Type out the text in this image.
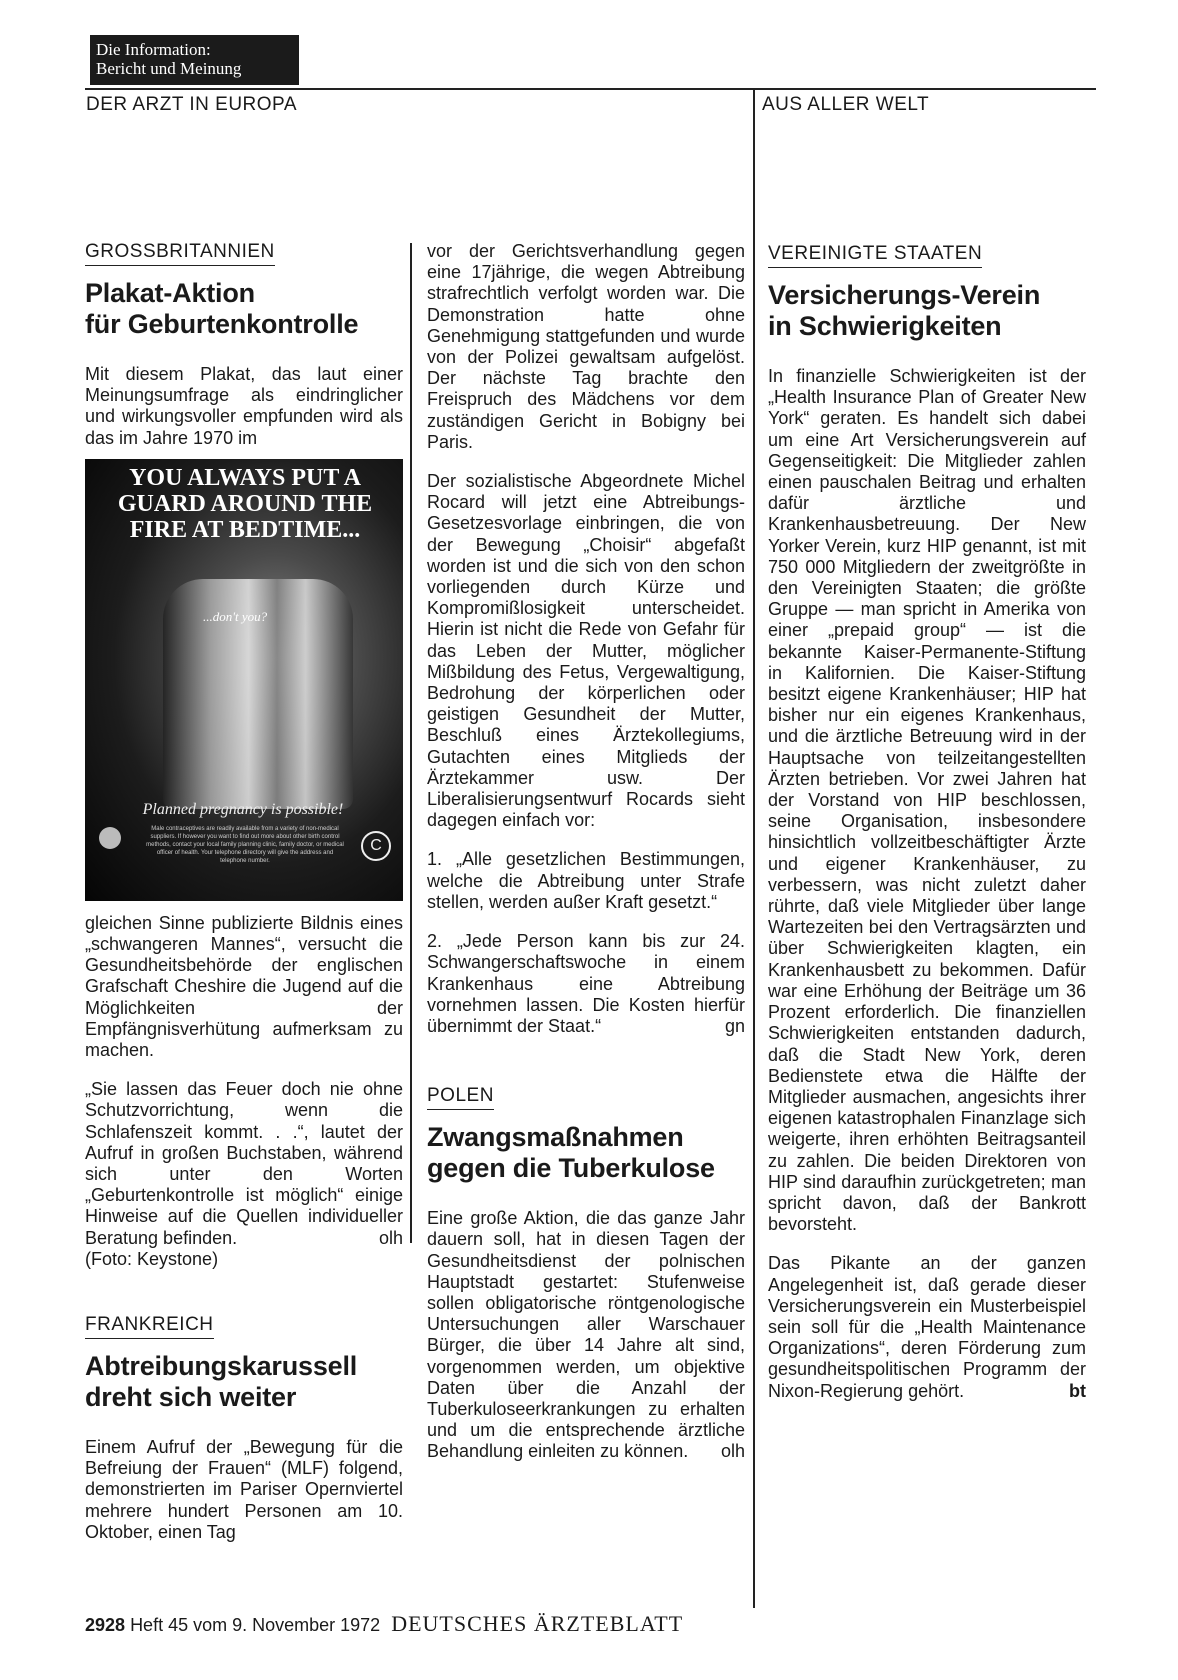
Die Information:
Bericht und Meinung
DER ARZT IN EUROPA	AUS ALLER WELT
GROSSBRITANNIEN
Plakat-Aktion
für Geburtenkontrolle

Mit diesem Plakat, das laut einer Meinungsumfrage als eindringlicher und wirkungsvoller empfunden wird als das im Jahre 1970 im

YOU ALWAYS PUT A GUARD AROUND THE FIRE AT BEDTIME...
...don't you?
Planned pregnancy is possible!
Male contraceptives are readily available from a variety of non-medical suppliers. If however you want to find out more about other birth control methods, contact your local family planning clinic, family doctor, or medical officer of health. Your telephone directory will give the address and telephone number.
C

gleichen Sinne publizierte Bildnis eines „schwangeren Mannes“, versucht die Gesundheitsbehörde der englischen Grafschaft Cheshire die Jugend auf die Möglichkeiten der Empfängnisverhütung aufmerksam zu machen.

„Sie lassen das Feuer doch nie ohne Schutzvorrichtung, wenn die Schlafenszeit kommt. . .“, lautet der Aufruf in großen Buchstaben, während sich unter den Worten „Geburtenkontrolle ist möglich“ einige Hinweise auf die Quellen individueller Beratung befinden.	olh

(Foto: Keystone)

FRANKREICH
Abtreibungskarussell
dreht sich weiter

Einem Aufruf der „Bewegung für die Befreiung der Frauen“ (MLF) folgend, demonstrierten im Pariser Opernviertel mehrere hundert Personen am 10. Oktober, einen Tag

vor der Gerichtsverhandlung gegen eine 17jährige, die wegen Abtreibung strafrechtlich verfolgt worden war. Die Demonstration hatte ohne Genehmigung stattgefunden und wurde von der Polizei gewaltsam aufgelöst. Der nächste Tag brachte den Freispruch des Mädchens vor dem zuständigen Gericht in Bobigny bei Paris.

Der sozialistische Abgeordnete Michel Rocard will jetzt eine Abtreibungs-Gesetzesvorlage einbringen, die von der Bewegung „Choisir“ abgefaßt worden ist und die sich von den schon vorliegenden durch Kürze und Kompromißlosigkeit unterscheidet. Hierin ist nicht die Rede von Gefahr für das Leben der Mutter, möglicher Mißbildung des Fetus, Vergewaltigung, Bedrohung der körperlichen oder geistigen Gesundheit der Mutter, Beschluß eines Ärztekollegiums, Gutachten eines Mitglieds der Ärztekammer usw. Der Liberalisierungsentwurf Rocards sieht dagegen einfach vor:

1. „Alle gesetzlichen Bestimmungen, welche die Abtreibung unter Strafe stellen, werden außer Kraft gesetzt.“

2. „Jede Person kann bis zur 24. Schwangerschaftswoche in einem Krankenhaus eine Abtreibung vornehmen lassen. Die Kosten hierfür übernimmt der Staat.“	gn

POLEN
Zwangsmaßnahmen
gegen die Tuberkulose

Eine große Aktion, die das ganze Jahr dauern soll, hat in diesen Tagen der Gesundheitsdienst der polnischen Hauptstadt gestartet: Stufenweise sollen obligatorische röntgenologische Untersuchungen aller Warschauer Bürger, die über 14 Jahre alt sind, vorgenommen werden, um objektive Daten über die Anzahl der Tuberkuloseerkrankungen zu erhalten und um die entsprechende ärztliche Behandlung einleiten zu können. olh

VEREINIGTE STAATEN
Versicherungs-Verein
in Schwierigkeiten

In finanzielle Schwierigkeiten ist der „Health Insurance Plan of Greater New York“ geraten. Es handelt sich dabei um eine Art Versicherungsverein auf Gegenseitigkeit: Die Mitglieder zahlen einen pauschalen Beitrag und erhalten dafür ärztliche und Krankenhausbetreuung. Der New Yorker Verein, kurz HIP genannt, ist mit 750 000 Mitgliedern der zweitgrößte in den Vereinigten Staaten; die größte Gruppe — man spricht in Amerika von einer „prepaid group“ — ist die bekannte Kaiser-Permanente-Stiftung in Kalifornien. Die Kaiser-Stiftung besitzt eigene Krankenhäuser; HIP hat bisher nur ein eigenes Krankenhaus, und die ärztliche Betreuung wird in der Hauptsache von teilzeitangestellten Ärzten betrieben. Vor zwei Jahren hat der Vorstand von HIP beschlossen, seine Organisation, insbesondere hinsichtlich vollzeitbeschäftigter Ärzte und eigener Krankenhäuser, zu verbessern, was nicht zuletzt daher rührte, daß viele Mitglieder über lange Wartezeiten bei den Vertragsärzten und über Schwierigkeiten klagten, ein Krankenhausbett zu bekommen. Dafür war eine Erhöhung der Beiträge um 36 Prozent erforderlich. Die finanziellen Schwierigkeiten entstanden dadurch, daß die Stadt New York, deren Bedienstete etwa die Hälfte der Mitglieder ausmachen, angesichts ihrer eigenen katastrophalen Finanzlage sich weigerte, ihren erhöhten Beitragsanteil zu zahlen. Die beiden Direktoren von HIP sind daraufhin zurückgetreten; man spricht davon, daß der Bankrott bevorsteht.

Das Pikante an der ganzen Angelegenheit ist, daß gerade dieser Versicherungsverein ein Musterbeispiel sein soll für die „Health Maintenance Organizations“, deren Förderung zum gesundheitspolitischen Programm der Nixon-Regierung gehört.	bt

2928 Heft 45 vom 9. November 1972 DEUTSCHES ÄRZTEBLATT
